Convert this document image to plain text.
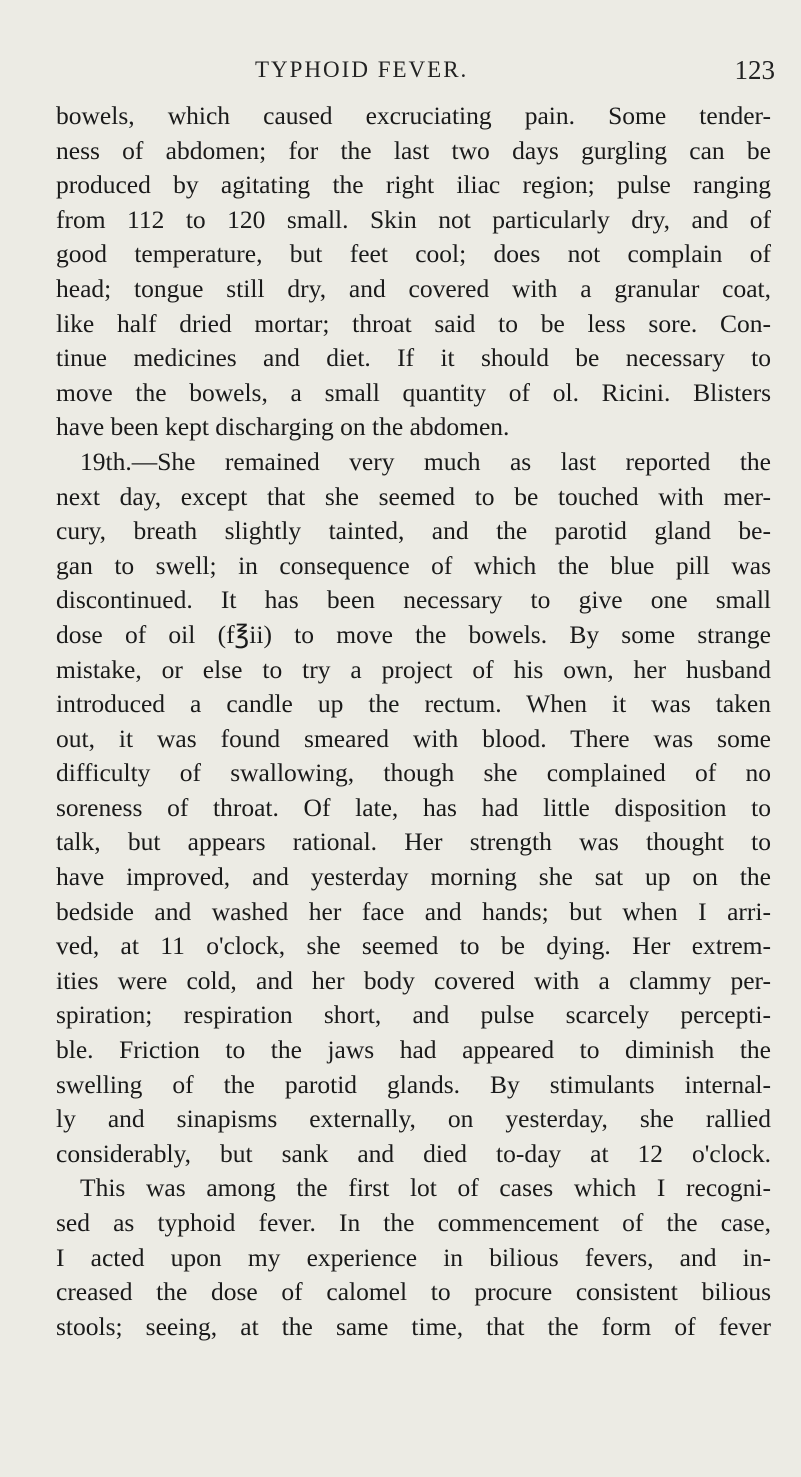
TYPHOID FEVER.	123
bowels, which caused excruciating pain. Some tender-
ness of abdomen; for the last two days gurgling can be
produced by agitating the right iliac region; pulse ranging
from 112 to 120 small. Skin not particularly dry, and of
good temperature, but feet cool; does not complain of
head; tongue still dry, and covered with a granular coat,
like half dried mortar; throat said to be less sore. Con-
tinue medicines and diet. If it should be necessary to
move the bowels, a small quantity of ol. Ricini. Blisters
have been kept discharging on the abdomen.
19th.—She remained very much as last reported the
next day, except that she seemed to be touched with mer-
cury, breath slightly tainted, and the parotid gland be-
gan to swell; in consequence of which the blue pill was
discontinued. It has been necessary to give one small
dose of oil (f℥ii) to move the bowels. By some strange
mistake, or else to try a project of his own, her husband
introduced a candle up the rectum. When it was taken
out, it was found smeared with blood. There was some
difficulty of swallowing, though she complained of no
soreness of throat. Of late, has had little disposition to
talk, but appears rational. Her strength was thought to
have improved, and yesterday morning she sat up on the
bedside and washed her face and hands; but when I arri-
ved, at 11 o'clock, she seemed to be dying. Her extrem-
ities were cold, and her body covered with a clammy per-
spiration; respiration short, and pulse scarcely percepti-
ble. Friction to the jaws had appeared to diminish the
swelling of the parotid glands. By stimulants internal-
ly and sinapisms externally, on yesterday, she rallied
considerably, but sank and died to-day at 12 o'clock.
This was among the first lot of cases which I recogni-
sed as typhoid fever. In the commencement of the case,
I acted upon my experience in bilious fevers, and in-
creased the dose of calomel to procure consistent bilious
stools; seeing, at the same time, that the form of fever
